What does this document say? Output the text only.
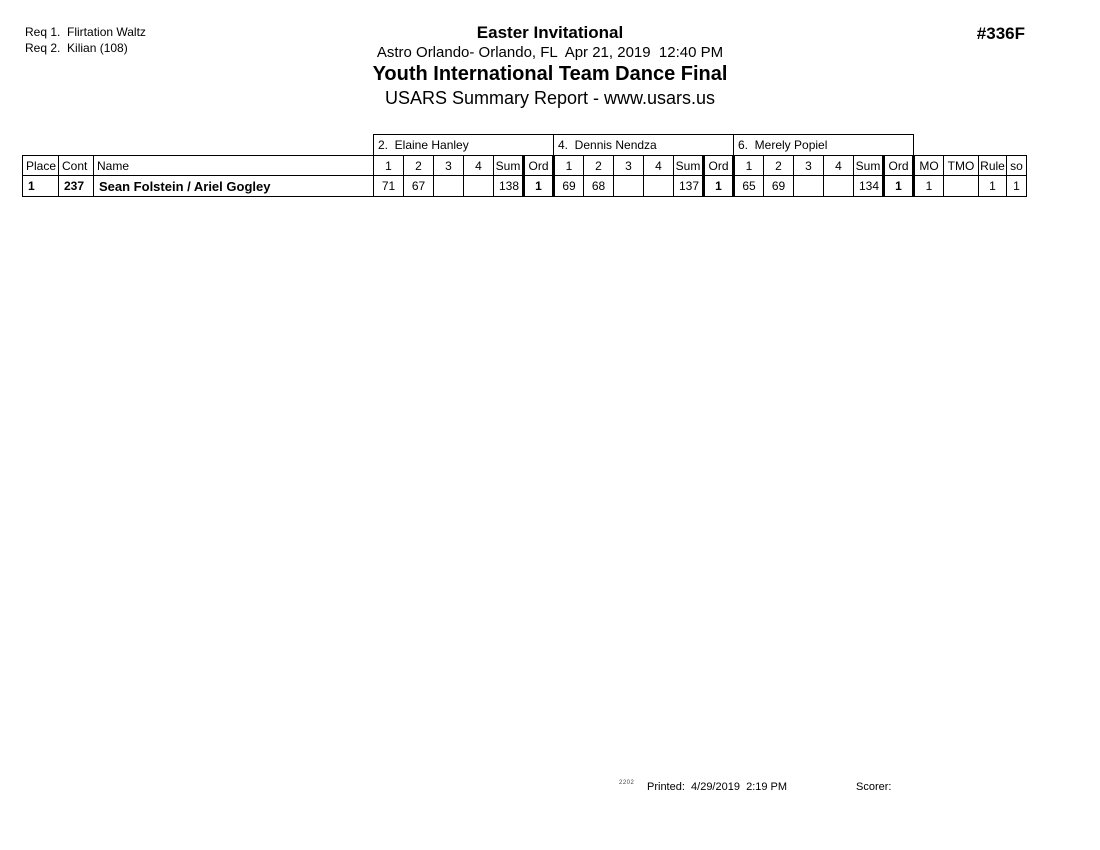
Req 1.  Flirtation Waltz
Req 2.  Kilian (108)
Easter Invitational
Astro Orlando- Orlando, FL  Apr 21, 2019  12:40 PM
Youth International Team Dance Final
USARS Summary Report - www.usars.us
#336F
			2.  Elaine Hanley						4.  Dennis Nendza						6.  Merely Popiel									
Place	Cont	Name	1	2	3	4	Sum	Ord	1	2	3	4	Sum	Ord	1	2	3	4	Sum	Ord	MO	TMO	Rule	so
1	237	Sean Folstein / Ariel Gogley	71	67			138	1	69	68			137	1	65	69			134	1	1		1	1
2202 Printed:  4/29/2019  2:19 PM	Scorer:
